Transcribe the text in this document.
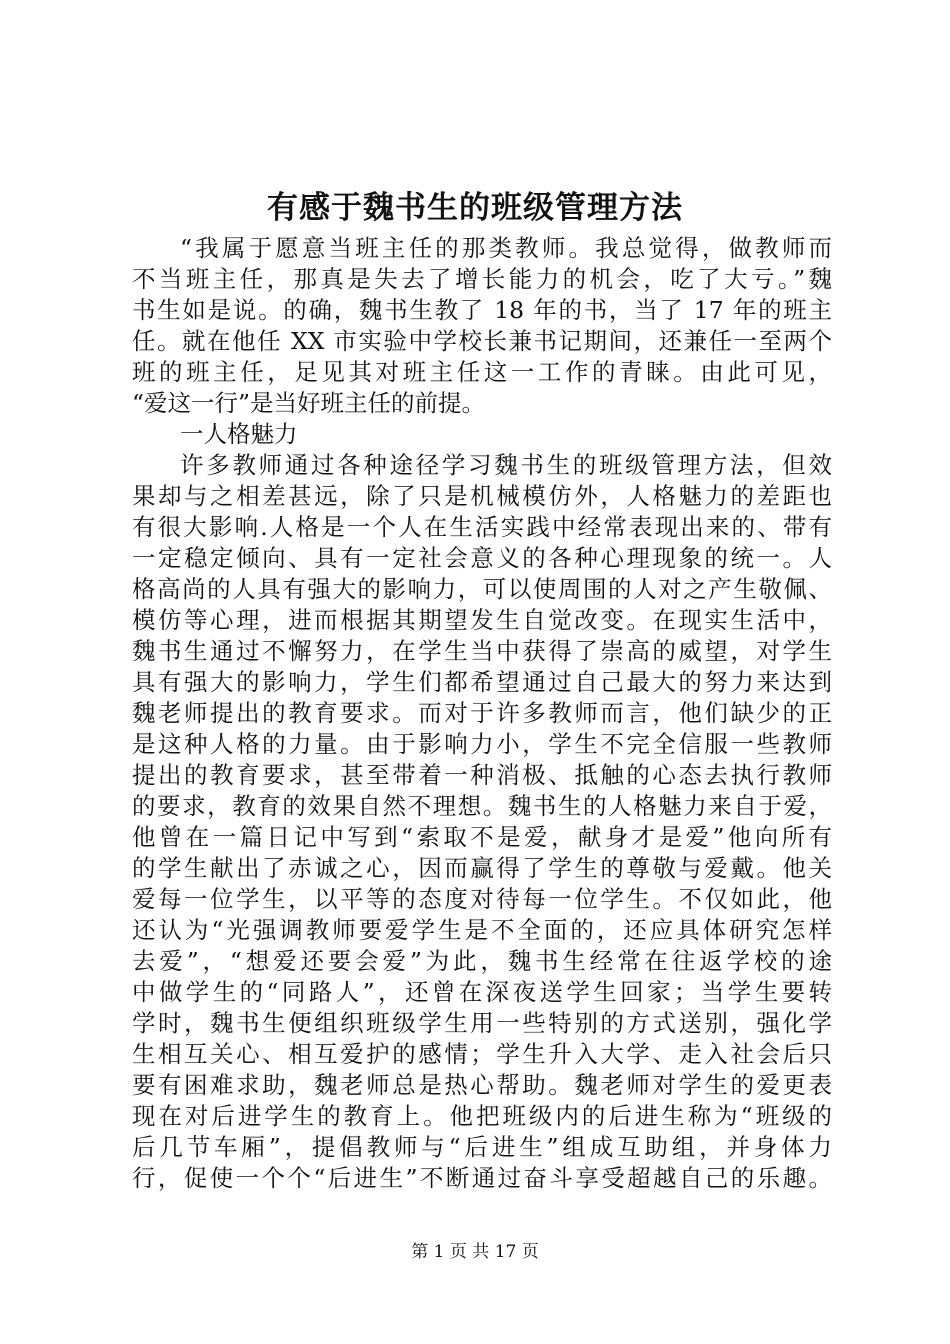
有感于魏书生的班级管理方法
“我属于愿意当班主任的那类教师。我总觉得，做教师而
不当班主任，那真是失去了增长能力的机会，吃了大亏。”魏
书生如是说。的确，魏书生教了 18 年的书，当了 17 年的班主
任。就在他任 XX 市实验中学校长兼书记期间，还兼任一至两个
班的班主任，足见其对班主任这一工作的青睐。由此可见，
“爱这一行”是当好班主任的前提。
一人格魅力
许多教师通过各种途径学习魏书生的班级管理方法，但效
果却与之相差甚远，除了只是机械模仿外，人格魅力的差距也
有很大影响.人格是一个人在生活实践中经常表现出来的、带有
一定稳定倾向、具有一定社会意义的各种心理现象的统一。人
格高尚的人具有强大的影响力，可以使周围的人对之产生敬佩、
模仿等心理，进而根据其期望发生自觉改变。在现实生活中，
魏书生通过不懈努力，在学生当中获得了崇高的威望，对学生
具有强大的影响力，学生们都希望通过自己最大的努力来达到
魏老师提出的教育要求。而对于许多教师而言，他们缺少的正
是这种人格的力量。由于影响力小，学生不完全信服一些教师
提出的教育要求，甚至带着一种消极、抵触的心态去执行教师
的要求，教育的效果自然不理想。魏书生的人格魅力来自于爱，
他曾在一篇日记中写到“索取不是爱，献身才是爱”他向所有
的学生献出了赤诚之心，因而赢得了学生的尊敬与爱戴。他关
爱每一位学生，以平等的态度对待每一位学生。不仅如此，他
还认为“光强调教师要爱学生是不全面的，还应具体研究怎样
去爱”，“想爱还要会爱”为此，魏书生经常在往返学校的途
中做学生的“同路人”，还曾在深夜送学生回家；当学生要转
学时，魏书生便组织班级学生用一些特别的方式送别，强化学
生相互关心、相互爱护的感情；学生升入大学、走入社会后只
要有困难求助，魏老师总是热心帮助。魏老师对学生的爱更表
现在对后进学生的教育上。他把班级内的后进生称为“班级的
后几节车厢”，提倡教师与“后进生”组成互助组，并身体力
行，促使一个个“后进生”不断通过奋斗享受超越自己的乐趣。
第 1 页 共 17 页
